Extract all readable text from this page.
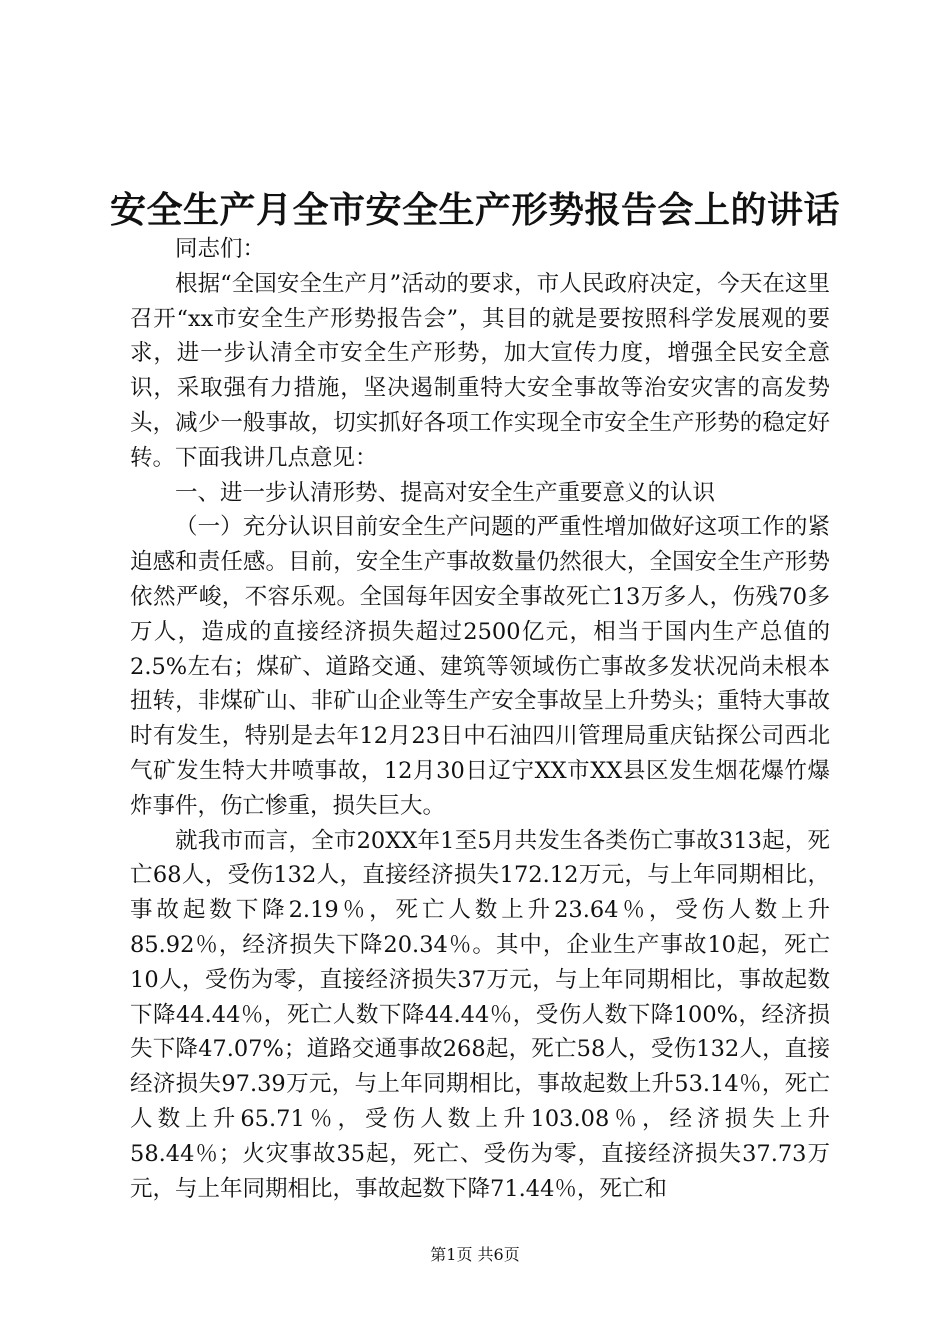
安全生产月全市安全生产形势报告会上的讲话

同志们：

根据“全国安全生产月”活动的要求，市人民政府决定，今天在这里召开“xx市安全生产形势报告会”，其目的就是要按照科学发展观的要求，进一步认清全市安全生产形势，加大宣传力度，增强全民安全意识，采取强有力措施，坚决遏制重特大安全事故等治安灾害的高发势头，减少一般事故，切实抓好各项工作实现全市安全生产形势的稳定好转。下面我讲几点意见：

一、进一步认清形势、提高对安全生产重要意义的认识

（一）充分认识目前安全生产问题的严重性增加做好这项工作的紧迫感和责任感。目前，安全生产事故数量仍然很大，全国安全生产形势依然严峻，不容乐观。全国每年因安全事故死亡13万多人，伤残70多万人，造成的直接经济损失超过2500亿元，相当于国内生产总值的2.5%左右；煤矿、道路交通、建筑等领域伤亡事故多发状况尚未根本扭转，非煤矿山、非矿山企业等生产安全事故呈上升势头；重特大事故时有发生，特别是去年12月23日中石油四川管理局重庆钻探公司西北气矿发生特大井喷事故，12月30日辽宁XX市XX县区发生烟花爆竹爆炸事件，伤亡惨重，损失巨大。

就我市而言，全市20XX年1至5月共发生各类伤亡事故313起，死亡68人，受伤132人，直接经济损失172.12万元，与上年同期相比，事故起数下降2.19％，死亡人数上升23.64％，受伤人数上升85.92％，经济损失下降20.34％。其中，企业生产事故10起，死亡10人，受伤为零，直接经济损失37万元，与上年同期相比，事故起数下降44.44％，死亡人数下降44.44％，受伤人数下降100%，经济损失下降47.07%；道路交通事故268起，死亡58人，受伤132人，直接经济损失97.39万元，与上年同期相比，事故起数上升53.14％，死亡人数上升65.71％，受伤人数上升103.08％，经济损失上升58.44％；火灾事故35起，死亡、受伤为零，直接经济损失37.73万元，与上年同期相比，事故起数下降71.44％，死亡和

第1页 共6页
